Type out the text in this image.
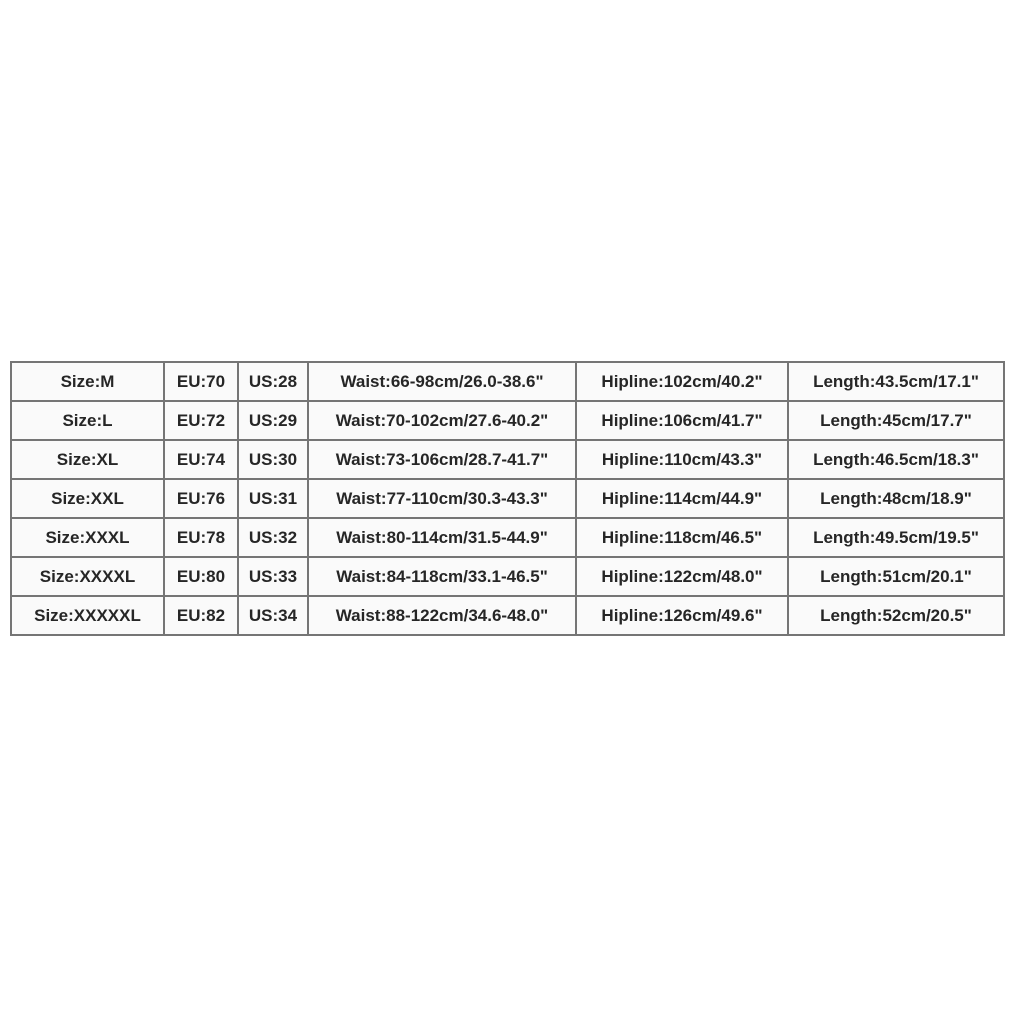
Size:M	EU:70	US:28	Waist:66-98cm/26.0-38.6"	Hipline:102cm/40.2"	Length:43.5cm/17.1"
Size:L	EU:72	US:29	Waist:70-102cm/27.6-40.2"	Hipline:106cm/41.7"	Length:45cm/17.7"
Size:XL	EU:74	US:30	Waist:73-106cm/28.7-41.7"	Hipline:110cm/43.3"	Length:46.5cm/18.3"
Size:XXL	EU:76	US:31	Waist:77-110cm/30.3-43.3"	Hipline:114cm/44.9"	Length:48cm/18.9"
Size:XXXL	EU:78	US:32	Waist:80-114cm/31.5-44.9"	Hipline:118cm/46.5"	Length:49.5cm/19.5"
Size:XXXXL	EU:80	US:33	Waist:84-118cm/33.1-46.5"	Hipline:122cm/48.0"	Length:51cm/20.1"
Size:XXXXXL	EU:82	US:34	Waist:88-122cm/34.6-48.0"	Hipline:126cm/49.6"	Length:52cm/20.5"
